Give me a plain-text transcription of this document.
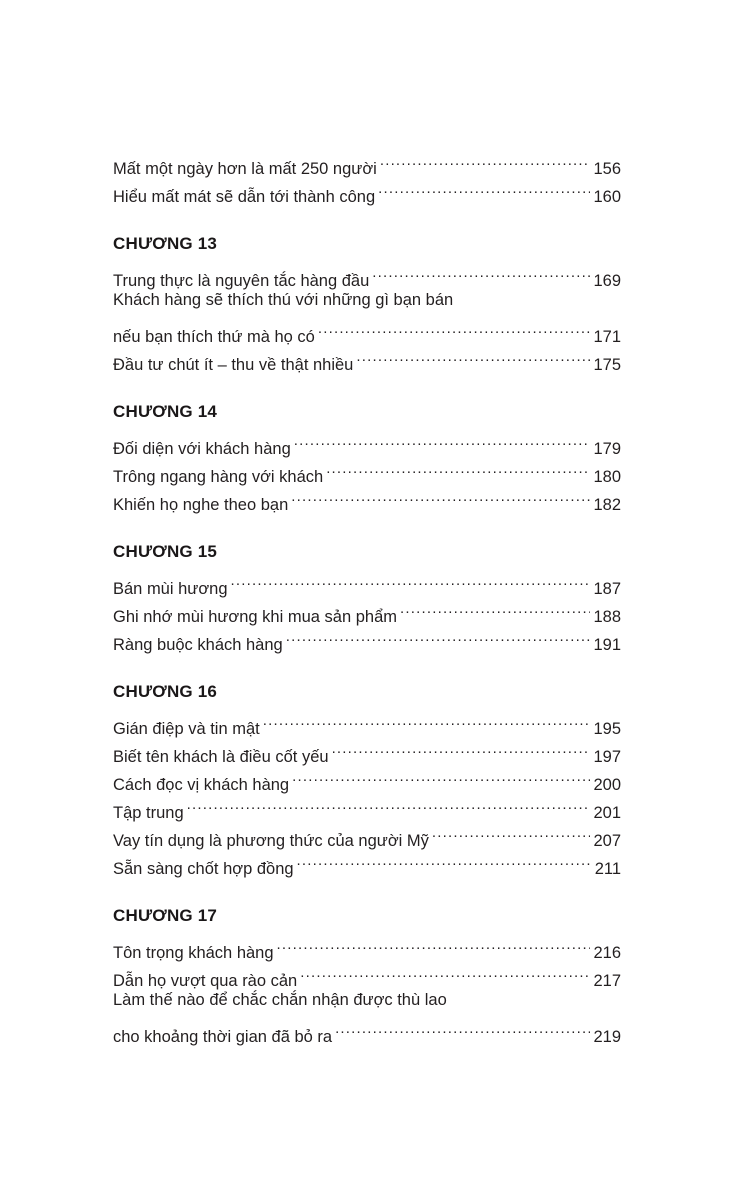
Mất một ngày hơn là mất 250 người .....	156
Hiểu mất mát sẽ dẫn tới thành công .....	160
CHƯƠNG 13
Trung thực là nguyên tắc hàng đầu .....	169
Khách hàng sẽ thích thú với những gì bạn bán
nếu bạn thích thứ mà họ có .....	171
Đầu tư chút ít – thu về thật nhiều .....	175
CHƯƠNG 14
Đối diện với khách hàng .....	179
Trông ngang hàng với khách .....	180
Khiến họ nghe theo bạn .....	182
CHƯƠNG 15
Bán mùi hương .....	187
Ghi nhớ mùi hương khi mua sản phẩm .....	188
Ràng buộc khách hàng .....	191
CHƯƠNG 16
Gián điệp và tin mật .....	195
Biết tên khách là điều cốt yếu .....	197
Cách đọc vị khách hàng .....	200
Tập trung .....	201
Vay tín dụng là phương thức của người Mỹ .....	207
Sẵn sàng chốt hợp đồng .....	211
CHƯƠNG 17
Tôn trọng khách hàng .....	216
Dẫn họ vượt qua rào cản .....	217
Làm thế nào để chắc chắn nhận được thù lao
cho khoảng thời gian đã bỏ ra .....	219
